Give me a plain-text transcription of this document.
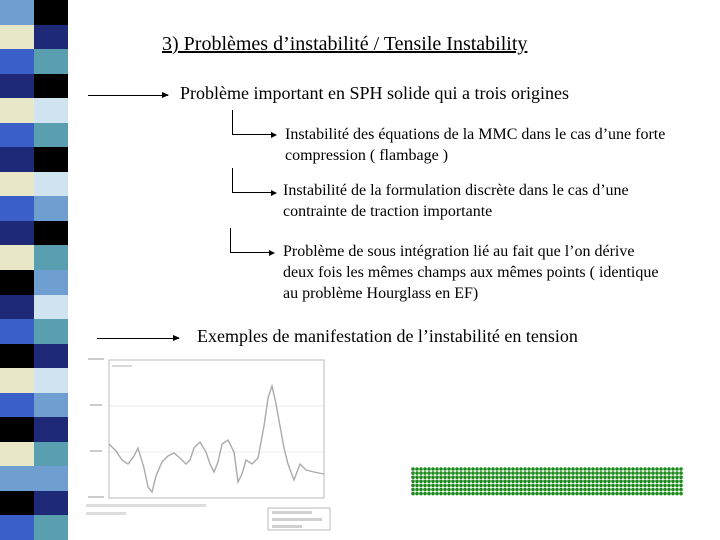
3) Problèmes d’instabilité / Tensile Instability
Problème important en SPH solide qui a trois origines
Instabilité des équations de la MMC dans le cas d’une forte
compression ( flambage )
Instabilité de la formulation discrète dans le cas d’une
contrainte de traction importante
Problème de sous intégration lié au fait que l’on dérive
deux fois les mêmes champs aux mêmes points ( identique
au problème Hourglass en EF)
Exemples de manifestation de l’instabilité en tension
